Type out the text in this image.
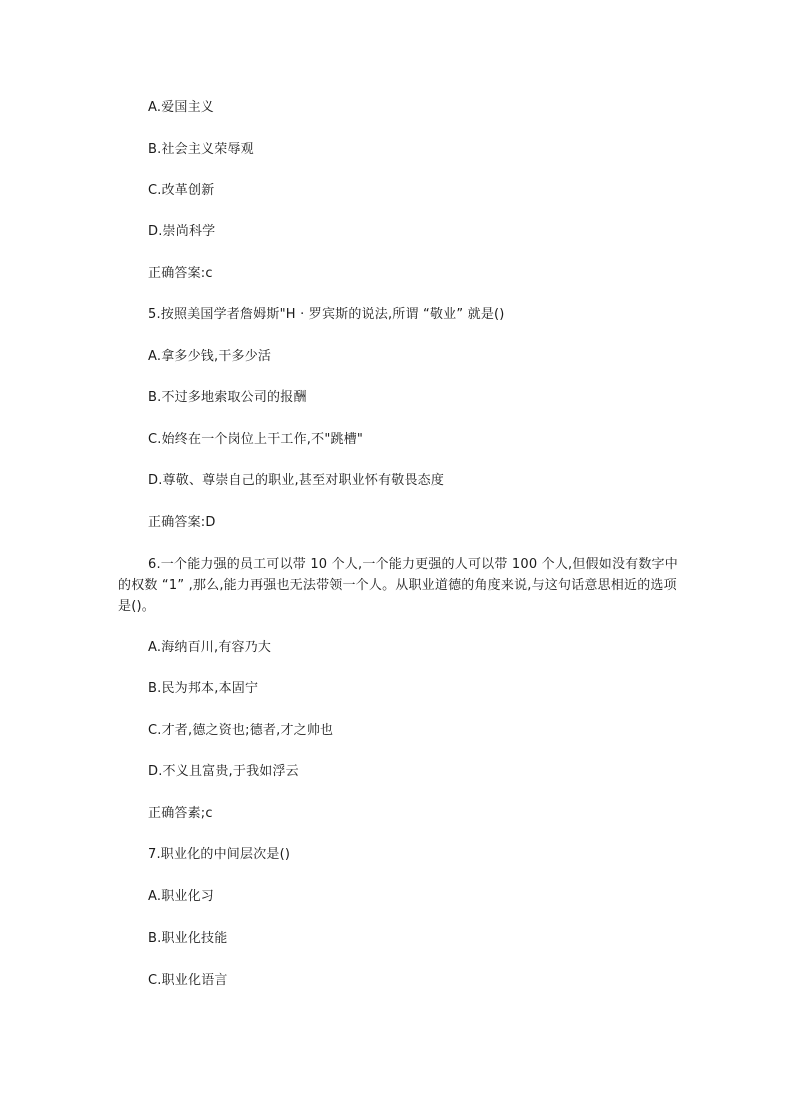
A.爱国主义
B.社会主义荣辱观
C.改革创新
D.崇尚科学
正确答案:c
5.按照美国学者詹姆斯"H · 罗宾斯的说法,所谓 “敬业” 就是()
A.拿多少钱,干多少活
B.不过多地索取公司的报酬
C.始终在一个岗位上干工作,不"跳槽"
D.尊敬、尊崇自己的职业,甚至对职业怀有敬畏态度
正确答案:D
6.一个能力强的员工可以带 10 个人,一个能力更强的人可以带 100 个人,但假如没有数字中的权数 “1” ,那么,能力再强也无法带领一个人。从职业道德的角度来说,与这句话意思相近的选项是()。
A.海纳百川,有容乃大
B.民为邦本,本固宁
C.才者,德之资也;德者,才之帅也
D.不义且富贵,于我如浮云
正确答素;c
7.职业化的中间层次是()
A.职业化习
B.职业化技能
C.职业化语言
